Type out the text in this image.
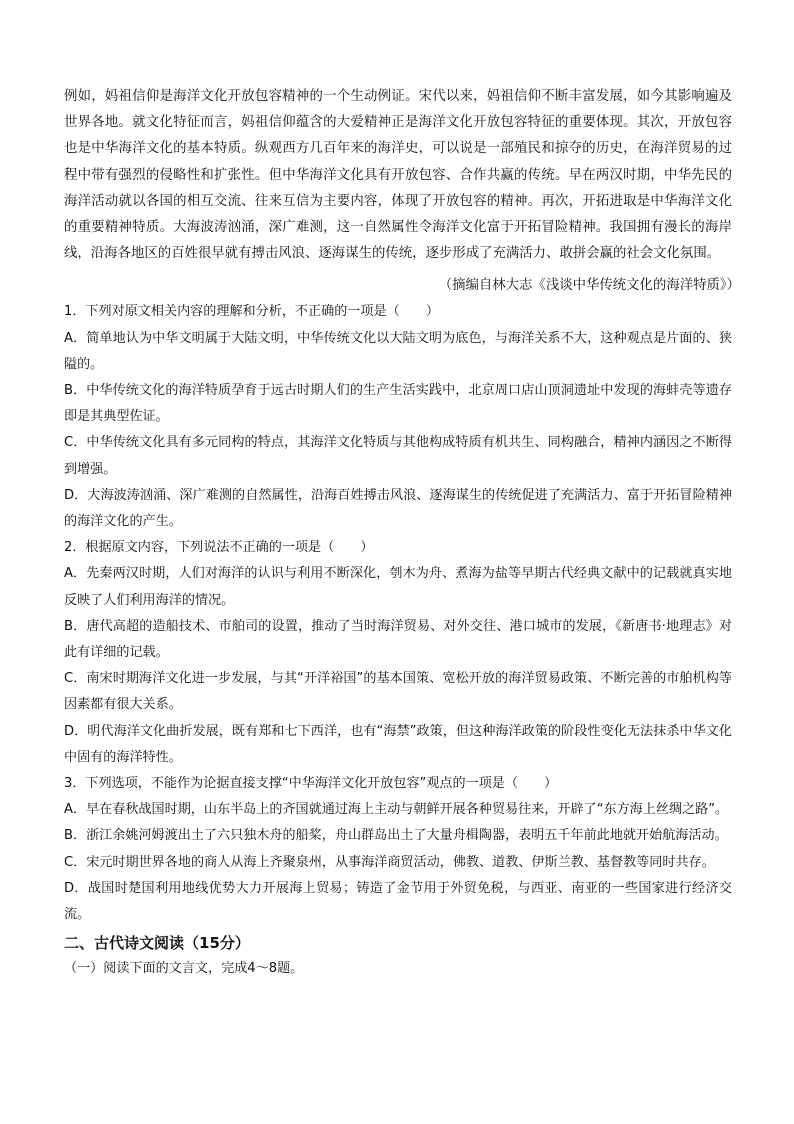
例如，妈祖信仰是海洋文化开放包容精神的一个生动例证。宋代以来，妈祖信仰不断丰富发展，如今其影响遍及世界各地。就文化特征而言，妈祖信仰蕴含的大爱精神正是海洋文化开放包容特征的重要体现。其次，开放包容也是中华海洋文化的基本特质。纵观西方几百年来的海洋史，可以说是一部殖民和掠夺的历史，在海洋贸易的过程中带有强烈的侵略性和扩张性。但中华海洋文化具有开放包容、合作共赢的传统。早在两汉时期，中华先民的海洋活动就以各国的相互交流、往来互信为主要内容，体现了开放包容的精神。再次，开拓进取是中华海洋文化的重要精神特质。大海波涛汹涌，深广难测，这一自然属性令海洋文化富于开拓冒险精神。我国拥有漫长的海岸线，沿海各地区的百姓很早就有搏击风浪、逐海谋生的传统，逐步形成了充满活力、敢拼会赢的社会文化氛围。

（摘编自林大志《浅谈中华传统文化的海洋特质》）

1．下列对原文相关内容的理解和分析，不正确的一项是（　　）

A．简单地认为中华文明属于大陆文明，中华传统文化以大陆文明为底色，与海洋关系不大，这种观点是片面的、狭隘的。

B．中华传统文化的海洋特质孕育于远古时期人们的生产生活实践中，北京周口店山顶洞遗址中发现的海蚌壳等遗存即是其典型佐证。

C．中华传统文化具有多元同构的特点，其海洋文化特质与其他构成特质有机共生、同构融合，精神内涵因之不断得到增强。

D．大海波涛汹涌、深广难测的自然属性，沿海百姓搏击风浪、逐海谋生的传统促进了充满活力、富于开拓冒险精神的海洋文化的产生。

2．根据原文内容，下列说法不正确的一项是（　　）

A．先秦两汉时期，人们对海洋的认识与利用不断深化，刳木为舟、煮海为盐等早期古代经典文献中的记载就真实地反映了人们利用海洋的情况。

B．唐代高超的造船技术、市舶司的设置，推动了当时海洋贸易、对外交往、港口城市的发展，《新唐书·地理志》对此有详细的记载。

C．南宋时期海洋文化进一步发展，与其“开洋裕国”的基本国策、宽松开放的海洋贸易政策、不断完善的市舶机构等因素都有很大关系。

D．明代海洋文化曲折发展，既有郑和七下西洋，也有“海禁”政策，但这种海洋政策的阶段性变化无法抹杀中华文化中固有的海洋特性。

3．下列选项，不能作为论据直接支撑“中华海洋文化开放包容”观点的一项是（　　）

A．早在春秋战国时期，山东半岛上的齐国就通过海上主动与朝鲜开展各种贸易往来，开辟了“东方海上丝绸之路”。

B．浙江余姚河姆渡出土了六只独木舟的船桨，舟山群岛出土了大量舟楫陶器，表明五千年前此地就开始航海活动。

C．宋元时期世界各地的商人从海上齐聚泉州，从事海洋商贸活动，佛教、道教、伊斯兰教、基督教等同时共存。

D．战国时楚国利用地线优势大力开展海上贸易；铸造了金节用于外贸免税，与西亚、南亚的一些国家进行经济交流。

二、古代诗文阅读（15分）

（一）阅读下面的文言文，完成4～8题。
